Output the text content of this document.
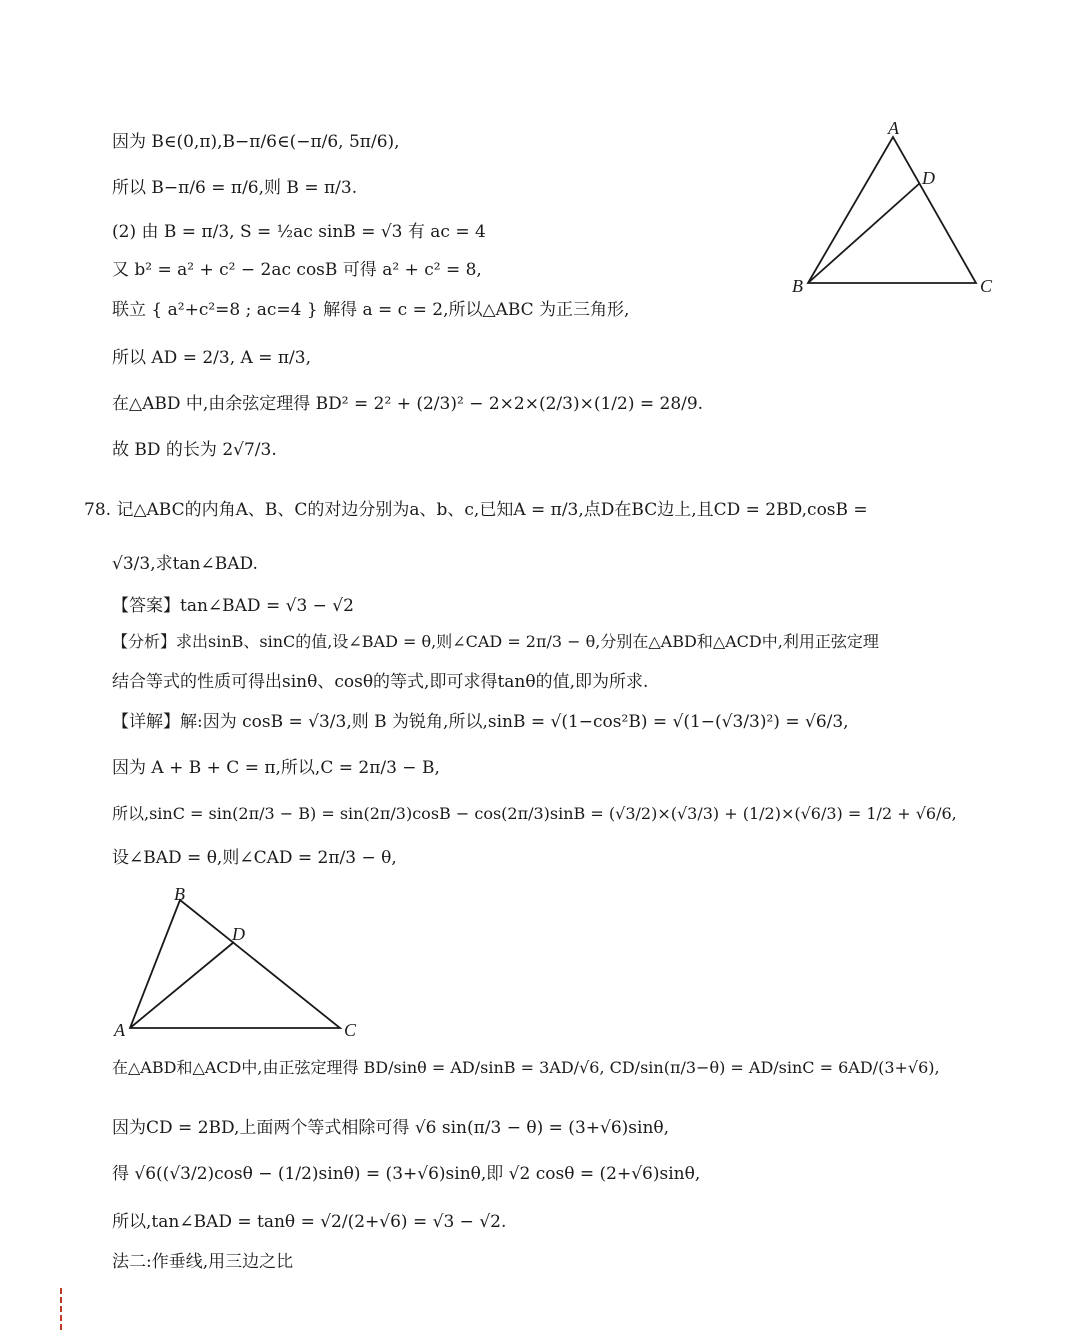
因为 B∈(0,π),B−π/6∈(−π/6, 5π/6),
所以 B−π/6 = π/6,则 B = π/3.
(2) 由 B = π/3, S = ½ac sinB = √3 有 ac = 4
又 b² = a² + c² − 2ac cosB 可得 a² + c² = 8,
联立 { a²+c²=8 ; ac=4 } 解得 a = c = 2,所以△ABC 为正三角形,
所以 AD = 2/3, A = π/3,
在△ABD 中,由余弦定理得 BD² = 2² + (2/3)² − 2×2×(2/3)×(1/2) = 28/9.
故 BD 的长为 2√7/3.
A
B	C
D
78. 记△ABC的内角A、B、C的对边分别为a、b、c,已知A = π/3,点D在BC边上,且CD = 2BD,cosB =
√3/3,求tan∠BAD.
【答案】tan∠BAD = √3 − √2
【分析】求出sinB、sinC的值,设∠BAD = θ,则∠CAD = 2π/3 − θ,分别在△ABD和△ACD中,利用正弦定理
结合等式的性质可得出sinθ、cosθ的等式,即可求得tanθ的值,即为所求.
【详解】解:因为 cosB = √3/3,则 B 为锐角,所以,sinB = √(1−cos²B) = √(1−(√3/3)²) = √6/3,
因为 A + B + C = π,所以,C = 2π/3 − B,
所以,sinC = sin(2π/3 − B) = sin(2π/3)cosB − cos(2π/3)sinB = (√3/2)×(√3/3) + (1/2)×(√6/3) = 1/2 + √6/6,
设∠BAD = θ,则∠CAD = 2π/3 − θ,
B
D
A	C
在△ABD和△ACD中,由正弦定理得 BD/sinθ = AD/sinB = 3AD/√6, CD/sin(π/3−θ) = AD/sinC = 6AD/(3+√6),
因为CD = 2BD,上面两个等式相除可得 √6 sin(π/3 − θ) = (3+√6)sinθ,
得 √6((√3/2)cosθ − (1/2)sinθ) = (3+√6)sinθ,即 √2 cosθ = (2+√6)sinθ,
所以,tan∠BAD = tanθ = √2/(2+√6) = √3 − √2.
法二:作垂线,用三边之比
